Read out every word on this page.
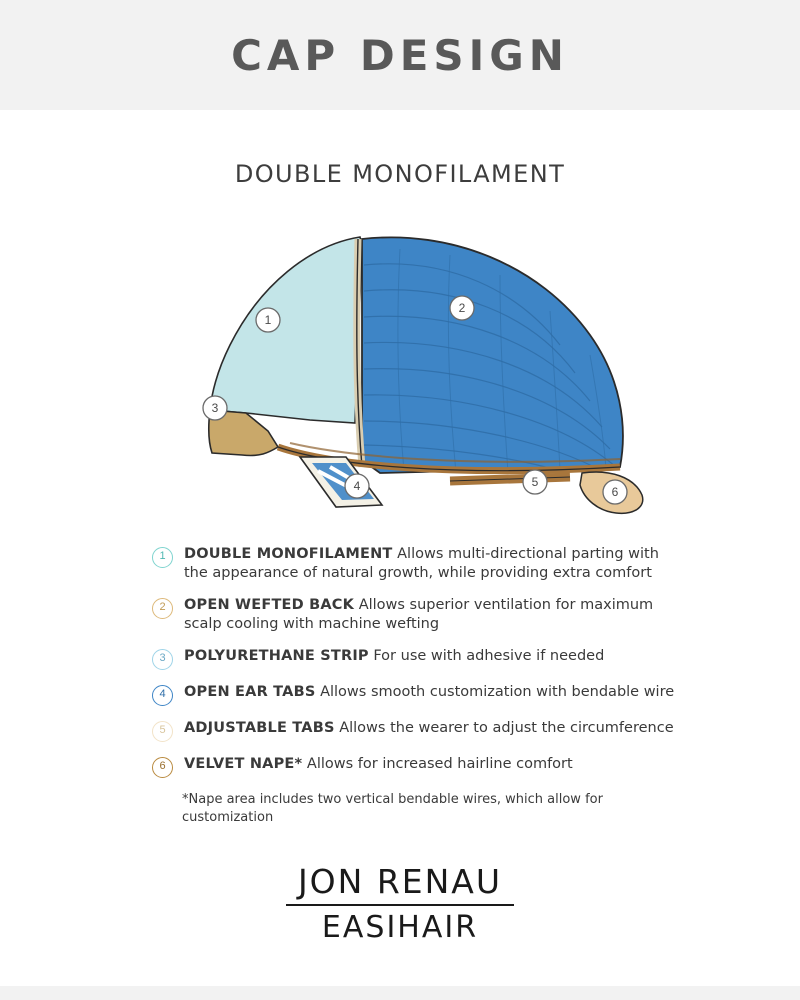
CAP DESIGN
DOUBLE MONOFILAMENT
1
2
3
4	5
6
1	DOUBLE MONOFILAMENT Allows multi-directional parting with the appearance of natural growth, while providing extra comfort
2	OPEN WEFTED BACK Allows superior ventilation for maximum scalp cooling with machine wefting
3	POLYURETHANE STRIP For use with adhesive if needed
4	OPEN EAR TABS Allows smooth customization with bendable wire
5	ADJUSTABLE TABS Allows the wearer to adjust the circumference
6	VELVET NAPE* Allows for increased hairline comfort
*Nape area includes two vertical bendable wires, which allow for customization
JON RENAU
EASIHAIR
